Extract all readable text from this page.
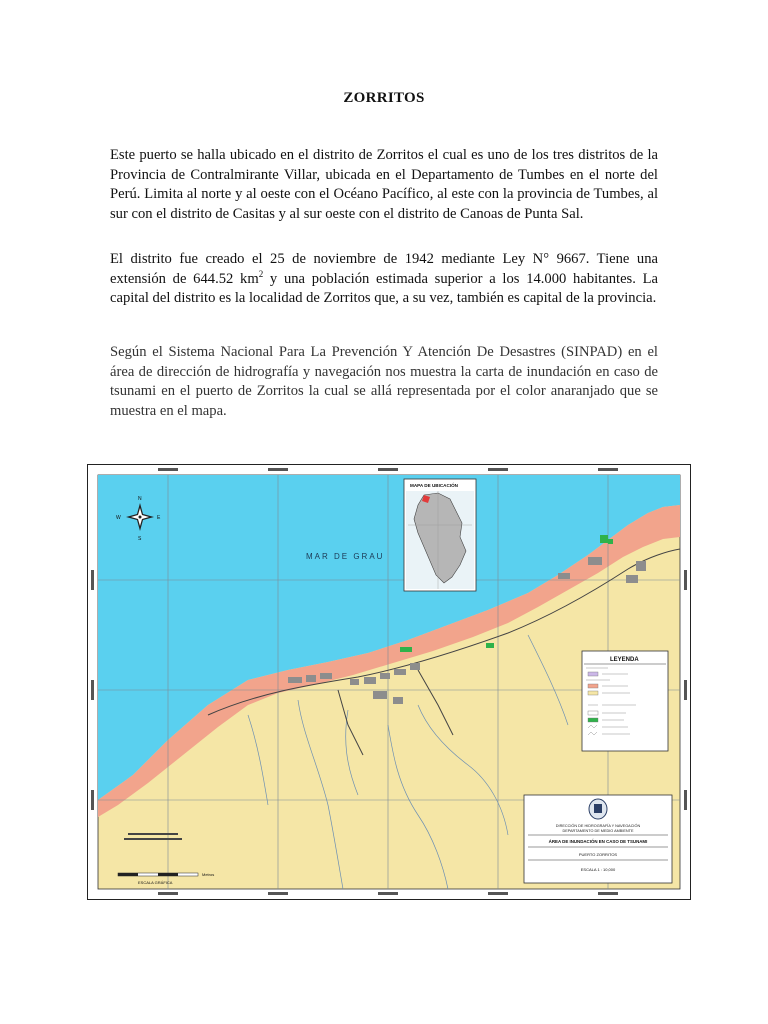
ZORRITOS

Este puerto se halla ubicado en el distrito de Zorritos el cual es uno de los tres distritos de la Provincia de Contralmirante Villar, ubicada en el Departamento de Tumbes en el norte del Perú. Limita al norte y al oeste con el Océano Pacífico, al este con la provincia de Tumbes, al sur con el distrito de Casitas y al sur oeste con el distrito de Canoas de Punta Sal.

El distrito fue creado el 25 de noviembre de 1942 mediante Ley N° 9667. Tiene una extensión de 644.52 $km^2$ y una población estimada superior a los 14.000 habitantes. La capital del distrito es la localidad de Zorritos que, a su vez, también es capital de la provincia.

Según el Sistema Nacional Para La Prevención Y Atención De Desastres (SINPAD) en el área de dirección de hidrografía y navegación nos muestra la carta de inundación en caso de tsunami en el puerto de Zorritos la cual se allá representada por el color anaranjado que se muestra en el mapa.

MAR DE GRAU
N
S
E
W
MAPA DE UBICACIÓN
LEYENDA
ESCALA GRÁFICA
Metros
DIRECCIÓN DE HIDROGRAFÍA Y NAVEGACIÓN
DEPARTAMENTO DE MEDIO AMBIENTE
ÁREA DE INUNDACIÓN EN CASO DE TSUNAMI
PUERTO ZORRITOS
ESCALA 1 : 10,000
